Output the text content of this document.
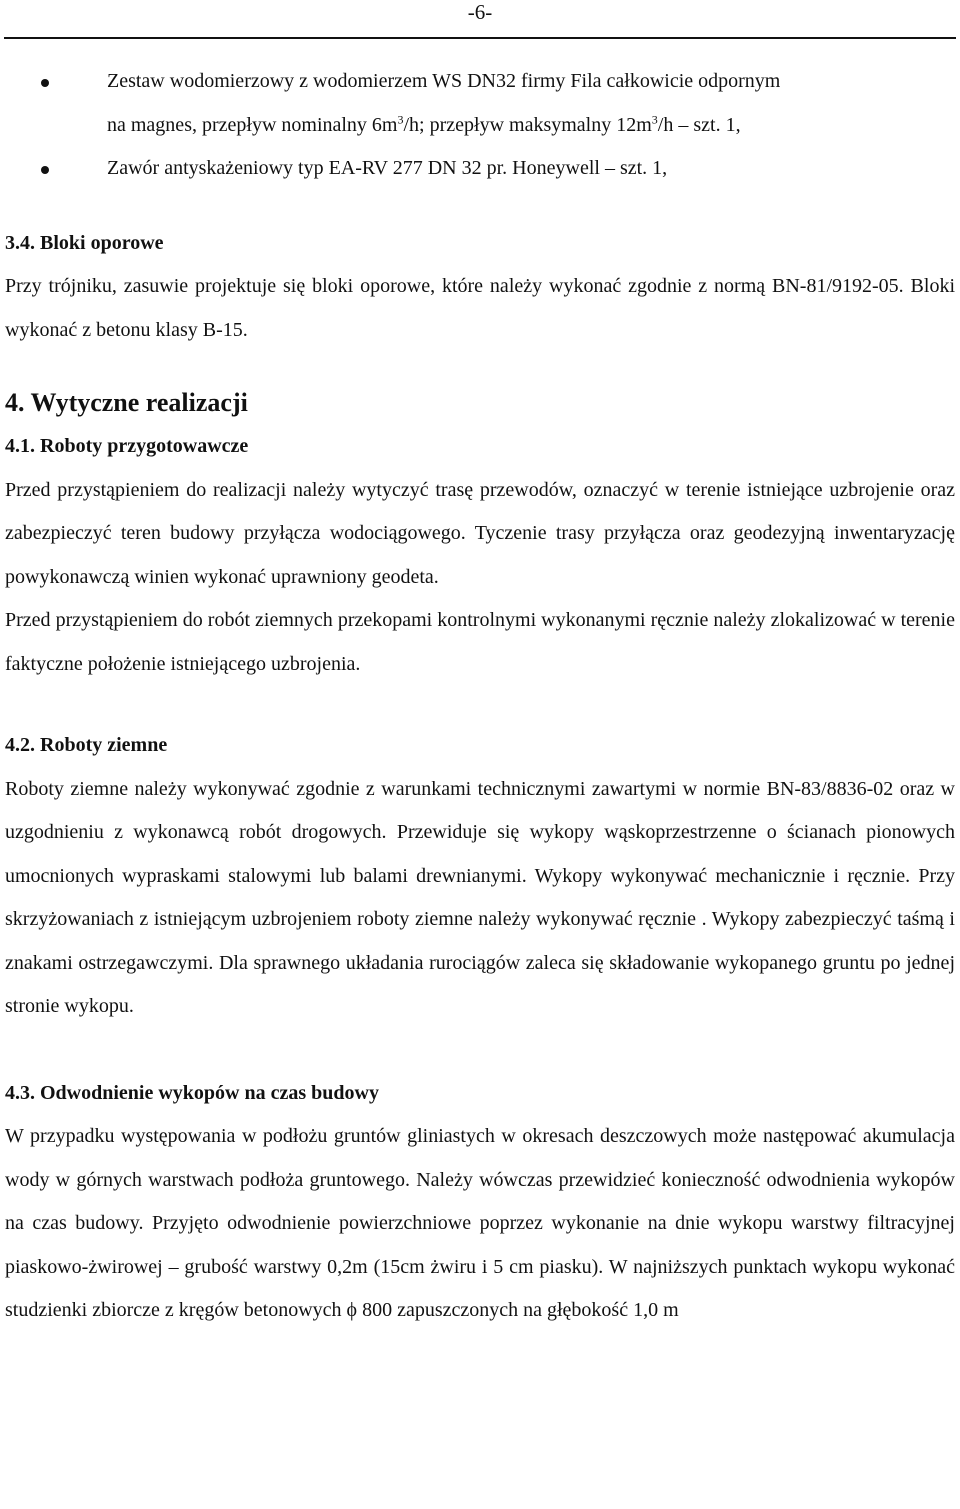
-6-
Zestaw wodomierzowy z wodomierzem WS DN32 firmy Fila całkowicie odpornym
na magnes, przepływ nominalny $6m^3/h$; przepływ maksymalny $12m^3/h$ – szt. 1,
Zawór antyskażeniowy typ EA-RV 277 DN 32 pr. Honeywell – szt. 1,
3.4. Bloki oporowe

Przy trójniku, zasuwie projektuje się bloki oporowe, które należy wykonać zgodnie z normą BN-81/9192-05. Bloki wykonać z betonu klasy B-15.

4. Wytyczne realizacji
4.1. Roboty przygotowawcze

Przed przystąpieniem do realizacji należy wytyczyć trasę przewodów, oznaczyć w terenie istniejące uzbrojenie oraz zabezpieczyć teren budowy przyłącza wodociągowego. Tyczenie trasy przyłącza oraz geodezyjną inwentaryzację powykonawczą winien wykonać uprawniony geodeta.

Przed przystąpieniem do robót ziemnych przekopami kontrolnymi wykonanymi ręcznie należy zlokalizować w terenie faktyczne położenie istniejącego uzbrojenia.

4.2. Roboty ziemne

Roboty ziemne należy wykonywać zgodnie z warunkami technicznymi zawartymi w normie BN-83/8836-02 oraz w uzgodnieniu z wykonawcą robót drogowych. Przewiduje się wykopy wąskoprzestrzenne o ścianach pionowych umocnionych wypraskami stalowymi lub balami drewnianymi. Wykopy wykonywać mechanicznie i ręcznie. Przy skrzyżowaniach z istniejącym uzbrojeniem roboty ziemne należy wykonywać ręcznie . Wykopy zabezpieczyć taśmą i znakami ostrzegawczymi. Dla sprawnego układania rurociągów zaleca się składowanie wykopanego gruntu po jednej stronie wykopu.

4.3. Odwodnienie wykopów na czas budowy

W przypadku występowania w podłożu gruntów gliniastych w okresach deszczowych może następować akumulacja wody w górnych warstwach podłoża gruntowego. Należy wówczas przewidzieć konieczność odwodnienia wykopów na czas budowy. Przyjęto odwodnienie powierzchniowe poprzez wykonanie na dnie wykopu warstwy filtracyjnej piaskowo-żwirowej – grubość warstwy 0,2m (15cm żwiru i 5 cm piasku). W najniższych punktach wykopu wykonać studzienki zbiorcze z kręgów betonowych ϕ 800 zapuszczonych na głębokość 1,0 m
